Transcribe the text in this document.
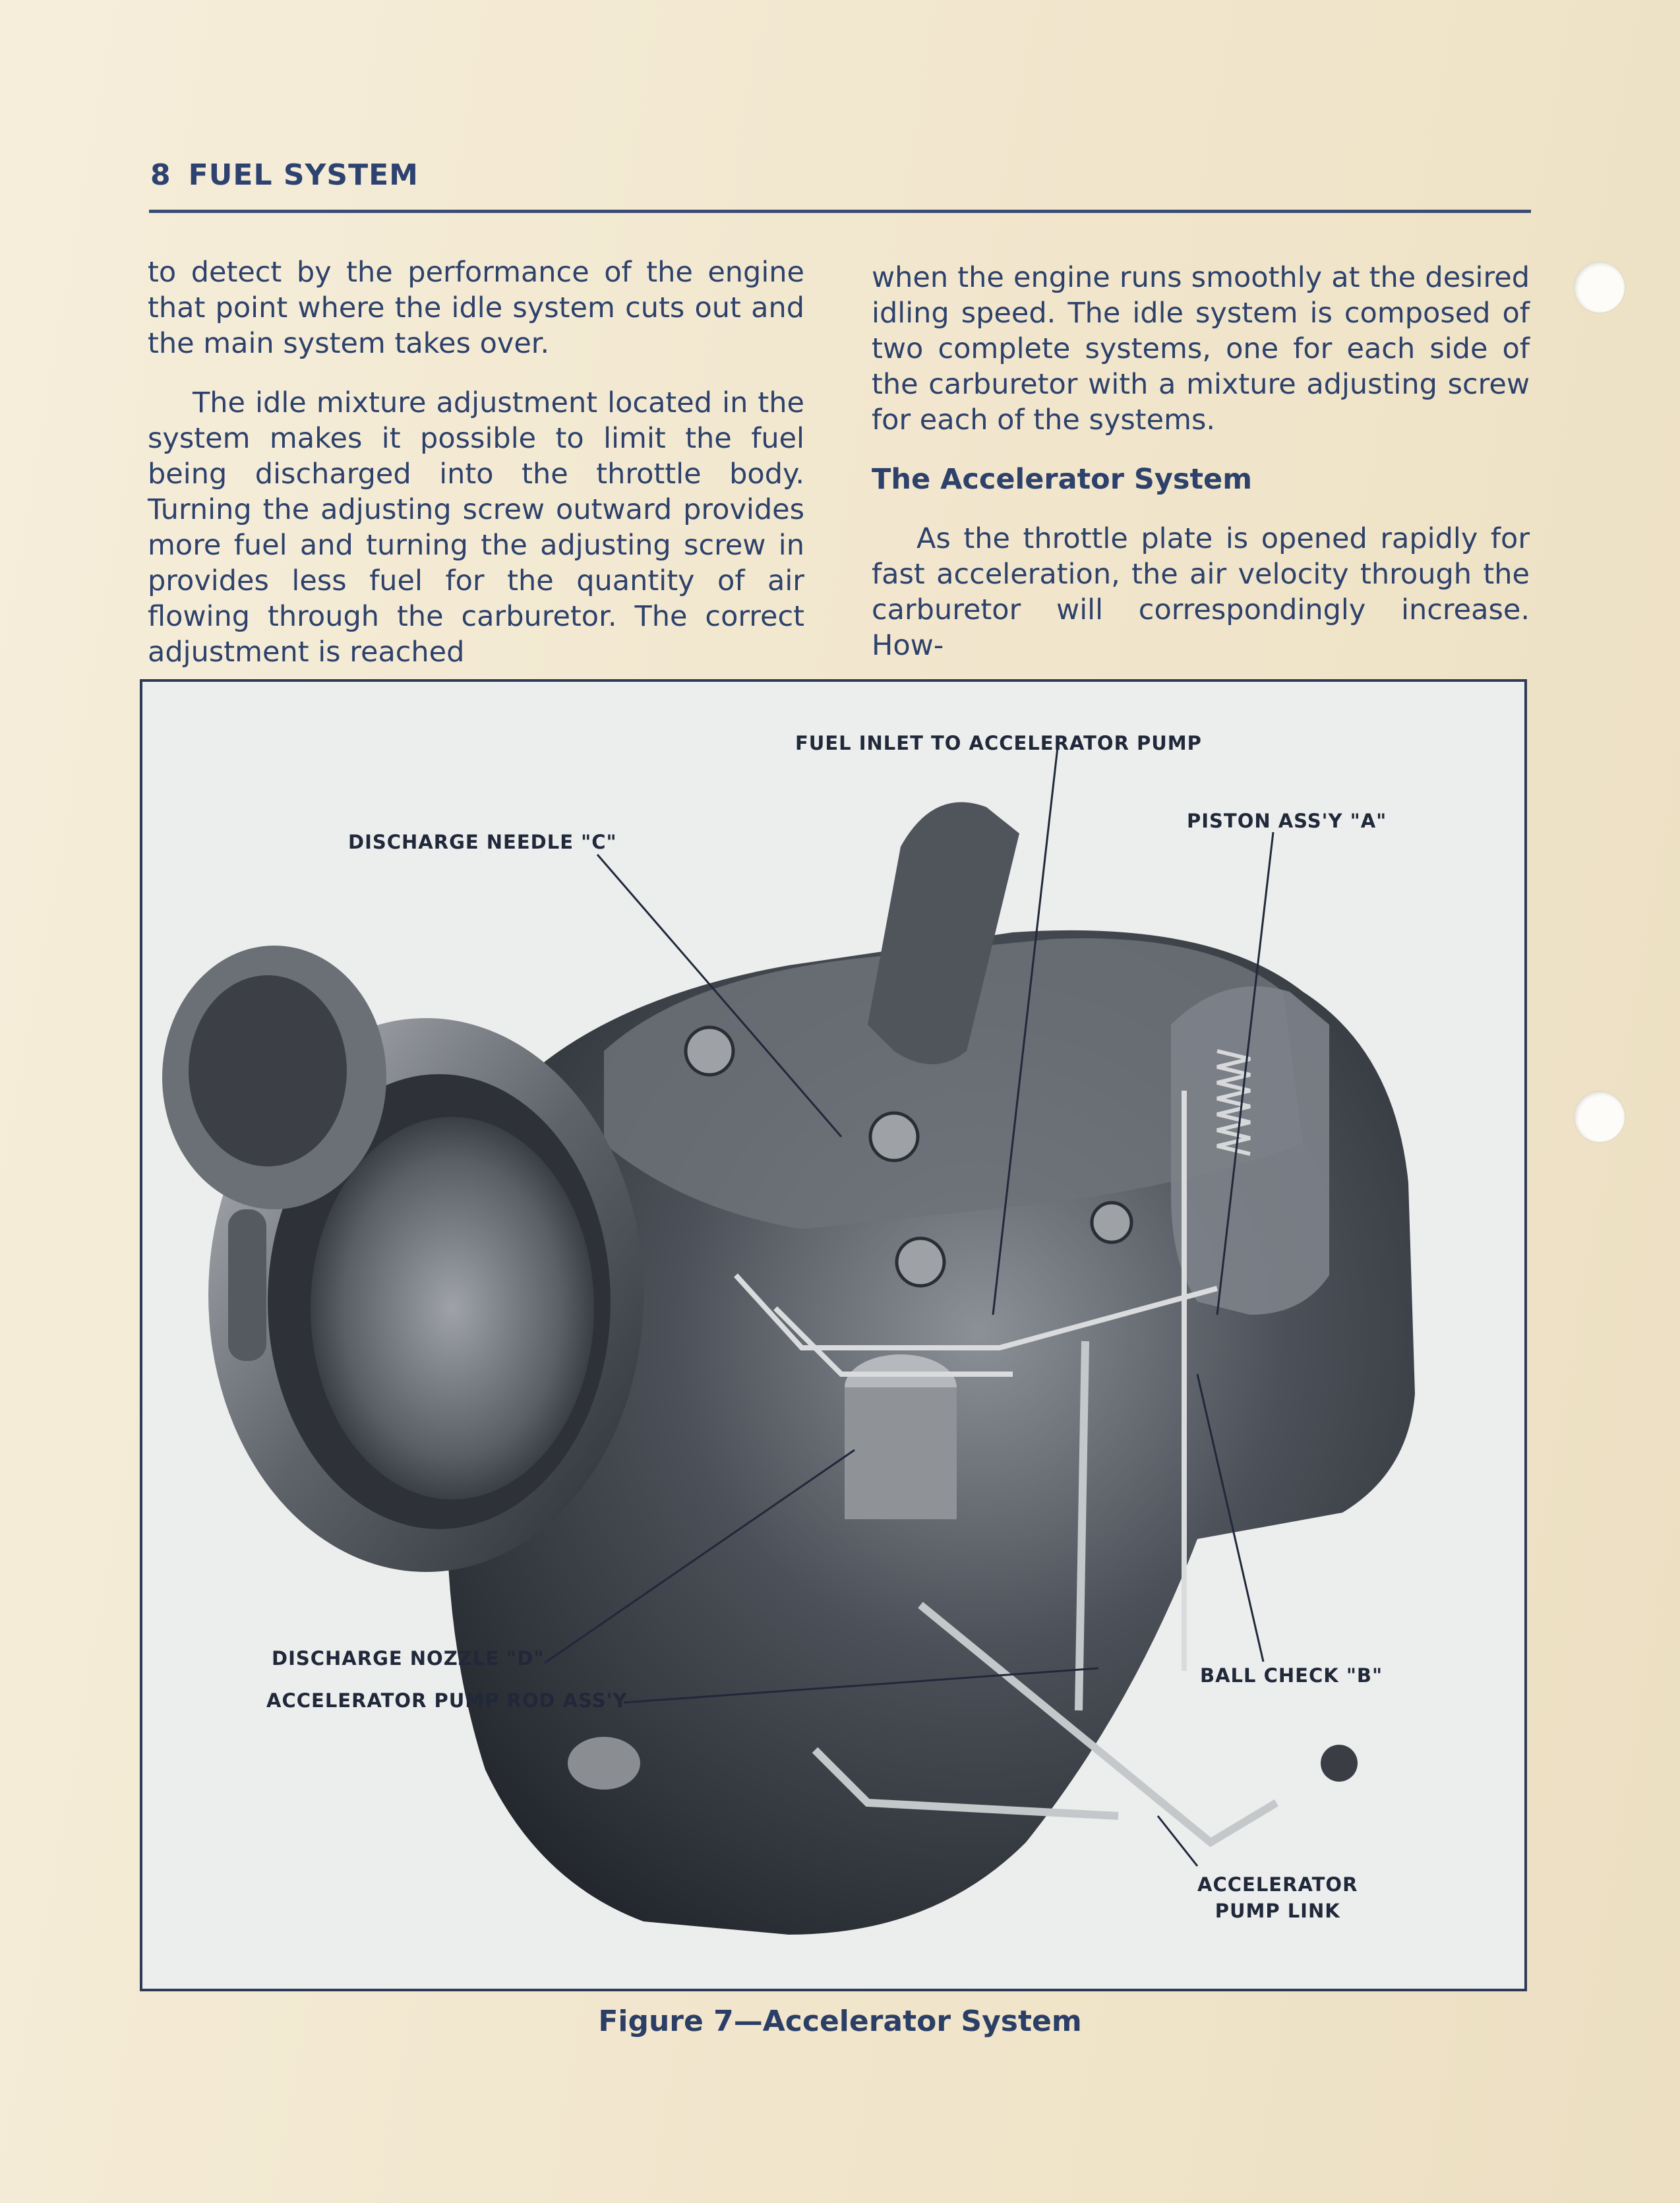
8 FUEL SYSTEM

to detect by the performance of the engine that point where the idle system cuts out and the main system takes over.

The idle mixture adjustment located in the system makes it possible to limit the fuel being discharged into the throttle body. Turning the adjusting screw outward provides more fuel and turning the adjusting screw in provides less fuel for the quantity of air flowing through the carburetor. The correct adjustment is reached

when the engine runs smoothly at the desired idling speed. The idle system is composed of two complete systems, one for each side of the carburetor with a mixture adjusting screw for each of the systems.

The Accelerator System

As the throttle plate is opened rapidly for fast acceleration, the air velocity through the carburetor will correspondingly increase. How-

FUEL INLET TO ACCELERATOR PUMP
DISCHARGE NEEDLE "C"
PISTON ASS'Y "A"
DISCHARGE NOZZLE "D"
ACCELERATOR PUMP ROD ASS'Y
BALL CHECK "B"
ACCELERATOR
PUMP LINK
Figure 7—Accelerator System
